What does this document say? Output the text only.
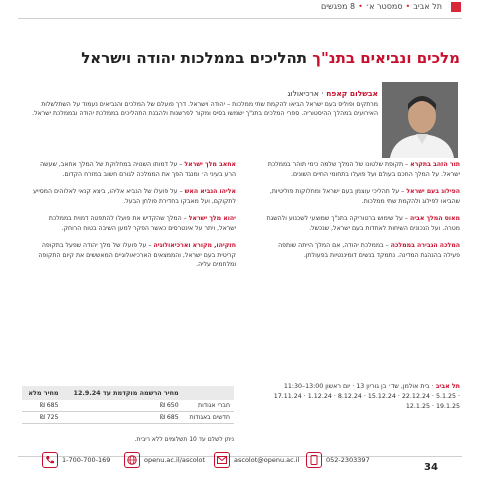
תל אביב•סמסטר א׳•8 מפגשים
מלכים ונביאים בתנ"ך תהליכים בממלכות יהודה וישראל
אבשלום קאפח · ארכיאולוג
מרתקים ופוליס בעם ישראל הביאו להקמת שתי ממלכות – יהודה וישראל. דרך פועלם של המלכים והנביאים נעמוד על השתלשלות האירועים במהלך ההיסטוריה. ספרי המלכים בתנ"ך ישמשו בסיס ומקור לפרשנות ולהבנת התהליכים בממלכת יהודה ובממלכת ישראל.
תור הזהב בתקרא – תקופת שלטונו של המלך שלמה כימי תוהר בממלכת ישראל. על המלך החכם בעולם ועל פועלו בתחומי החיים השונים.
הפילוג בעם ישראל – על תהליכי עוצמן בעם ישראל ומחלוקות פוליטיות, שהביאו לפילוג ולהקמת שתי ממלכות.
מאוס המלך אביה – על שימוש ברטוריקה בתנ"ך שמוצעי לשכנוע ולהשגת מטרה. ועל הנכונים השיחות לאחדות בעם ישראל, שנכשל.
המלכה הגבירה בממלכה – בממלכת יהודה, אם המלך הייתה שותפה פעילה בהנהגת המדינה. נתמקד בנשים דומיננטיות בפעולתן.
אחאב מלך ישראל – על דמותו השנויה במחלוקת של המלך אחאב, שעשה הרע בעיני ה׳ ומנגד הפך את הממלכה לגורם חשוב במזרח הקדום.
אליהו הנביא האש – על פועלו של הנביא אליהו, ביצא קנאי לאלוהים המסייע לתקוקם, ועל מאבקו בחדירת פולחן הבעל.
יהוא מלך ישראל – המלך שהקדיש את פועלו להתפטה דמוית בממלכת ישראל, ויתר על אינטרסים כאשר הפקר למען השיבה בטוח הרוחק.
חזקיהו, מקורא וארכיאולוגיה – על פועלו של מלך יהודה שפעל בתקופה קריטית בעם ישראל, והממצאים הארכיאולוגיים המאששים את קיום התקופה ומלחמים עליה.
תל אביב · בית אולמן, שד׳ בן גוריון 13 · יום ראשון 11:30–13:00
17.11.24 · 1.12.24 · 8.12.24 · 15.12.24 · 22.12.24 · 5.1.25 · 12.1.25 · 19.1.25
	מחיר הרשמה מוקדמת עד 12.9.24	מחיר מלא
חברי אגודות	650 ₪	685 ₪
חדשים באגודות	685 ₪	725 ₪
ניתן לשלם עד 10 תשלומים ללא ריבית.
34
052-2303397
ascolot@openu.ac.il
openu.ac.il/ascolot
1-700-700-169
